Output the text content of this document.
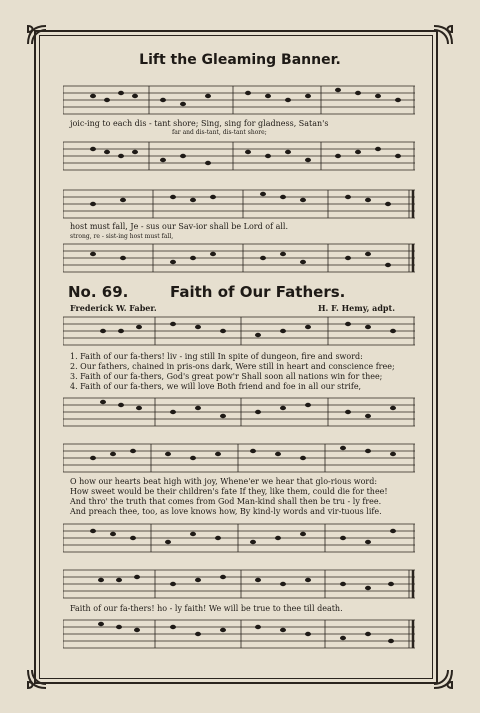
Lift the Gleaming Banner.
joic-ing to each dis - tant shore; Sing, sing for gladness, Satan's
far and dis-tant, dis-tant shore;
host must fall, Je - sus our Sav-ior shall be Lord of all.
strong, re - sist-ing host must fall,
No. 69.	Faith of Our Fathers.
Frederick W. Faber.	H. F. Hemy, adpt.
1. Faith of our fa-thers! liv - ing still In spite of dungeon, fire and sword:
2. Our fathers, chained in pris-ons dark, Were still in heart and conscience free;
3. Faith of our fa-thers, God's great pow'r Shall soon all nations win for thee;
4. Faith of our fa-thers, we will love Both friend and foe in all our strife,
O how our hearts beat high with joy, Whene'er we hear that glo-rious word:
How sweet would be their children's fate If they, like them, could die for thee!
And thro' the truth that comes from God Man-kind shall then be tru - ly free.
And preach thee, too, as love knows how, By kind-ly words and vir-tuous life.
Faith of our fa-thers! ho - ly faith! We will be true to thee till death.
